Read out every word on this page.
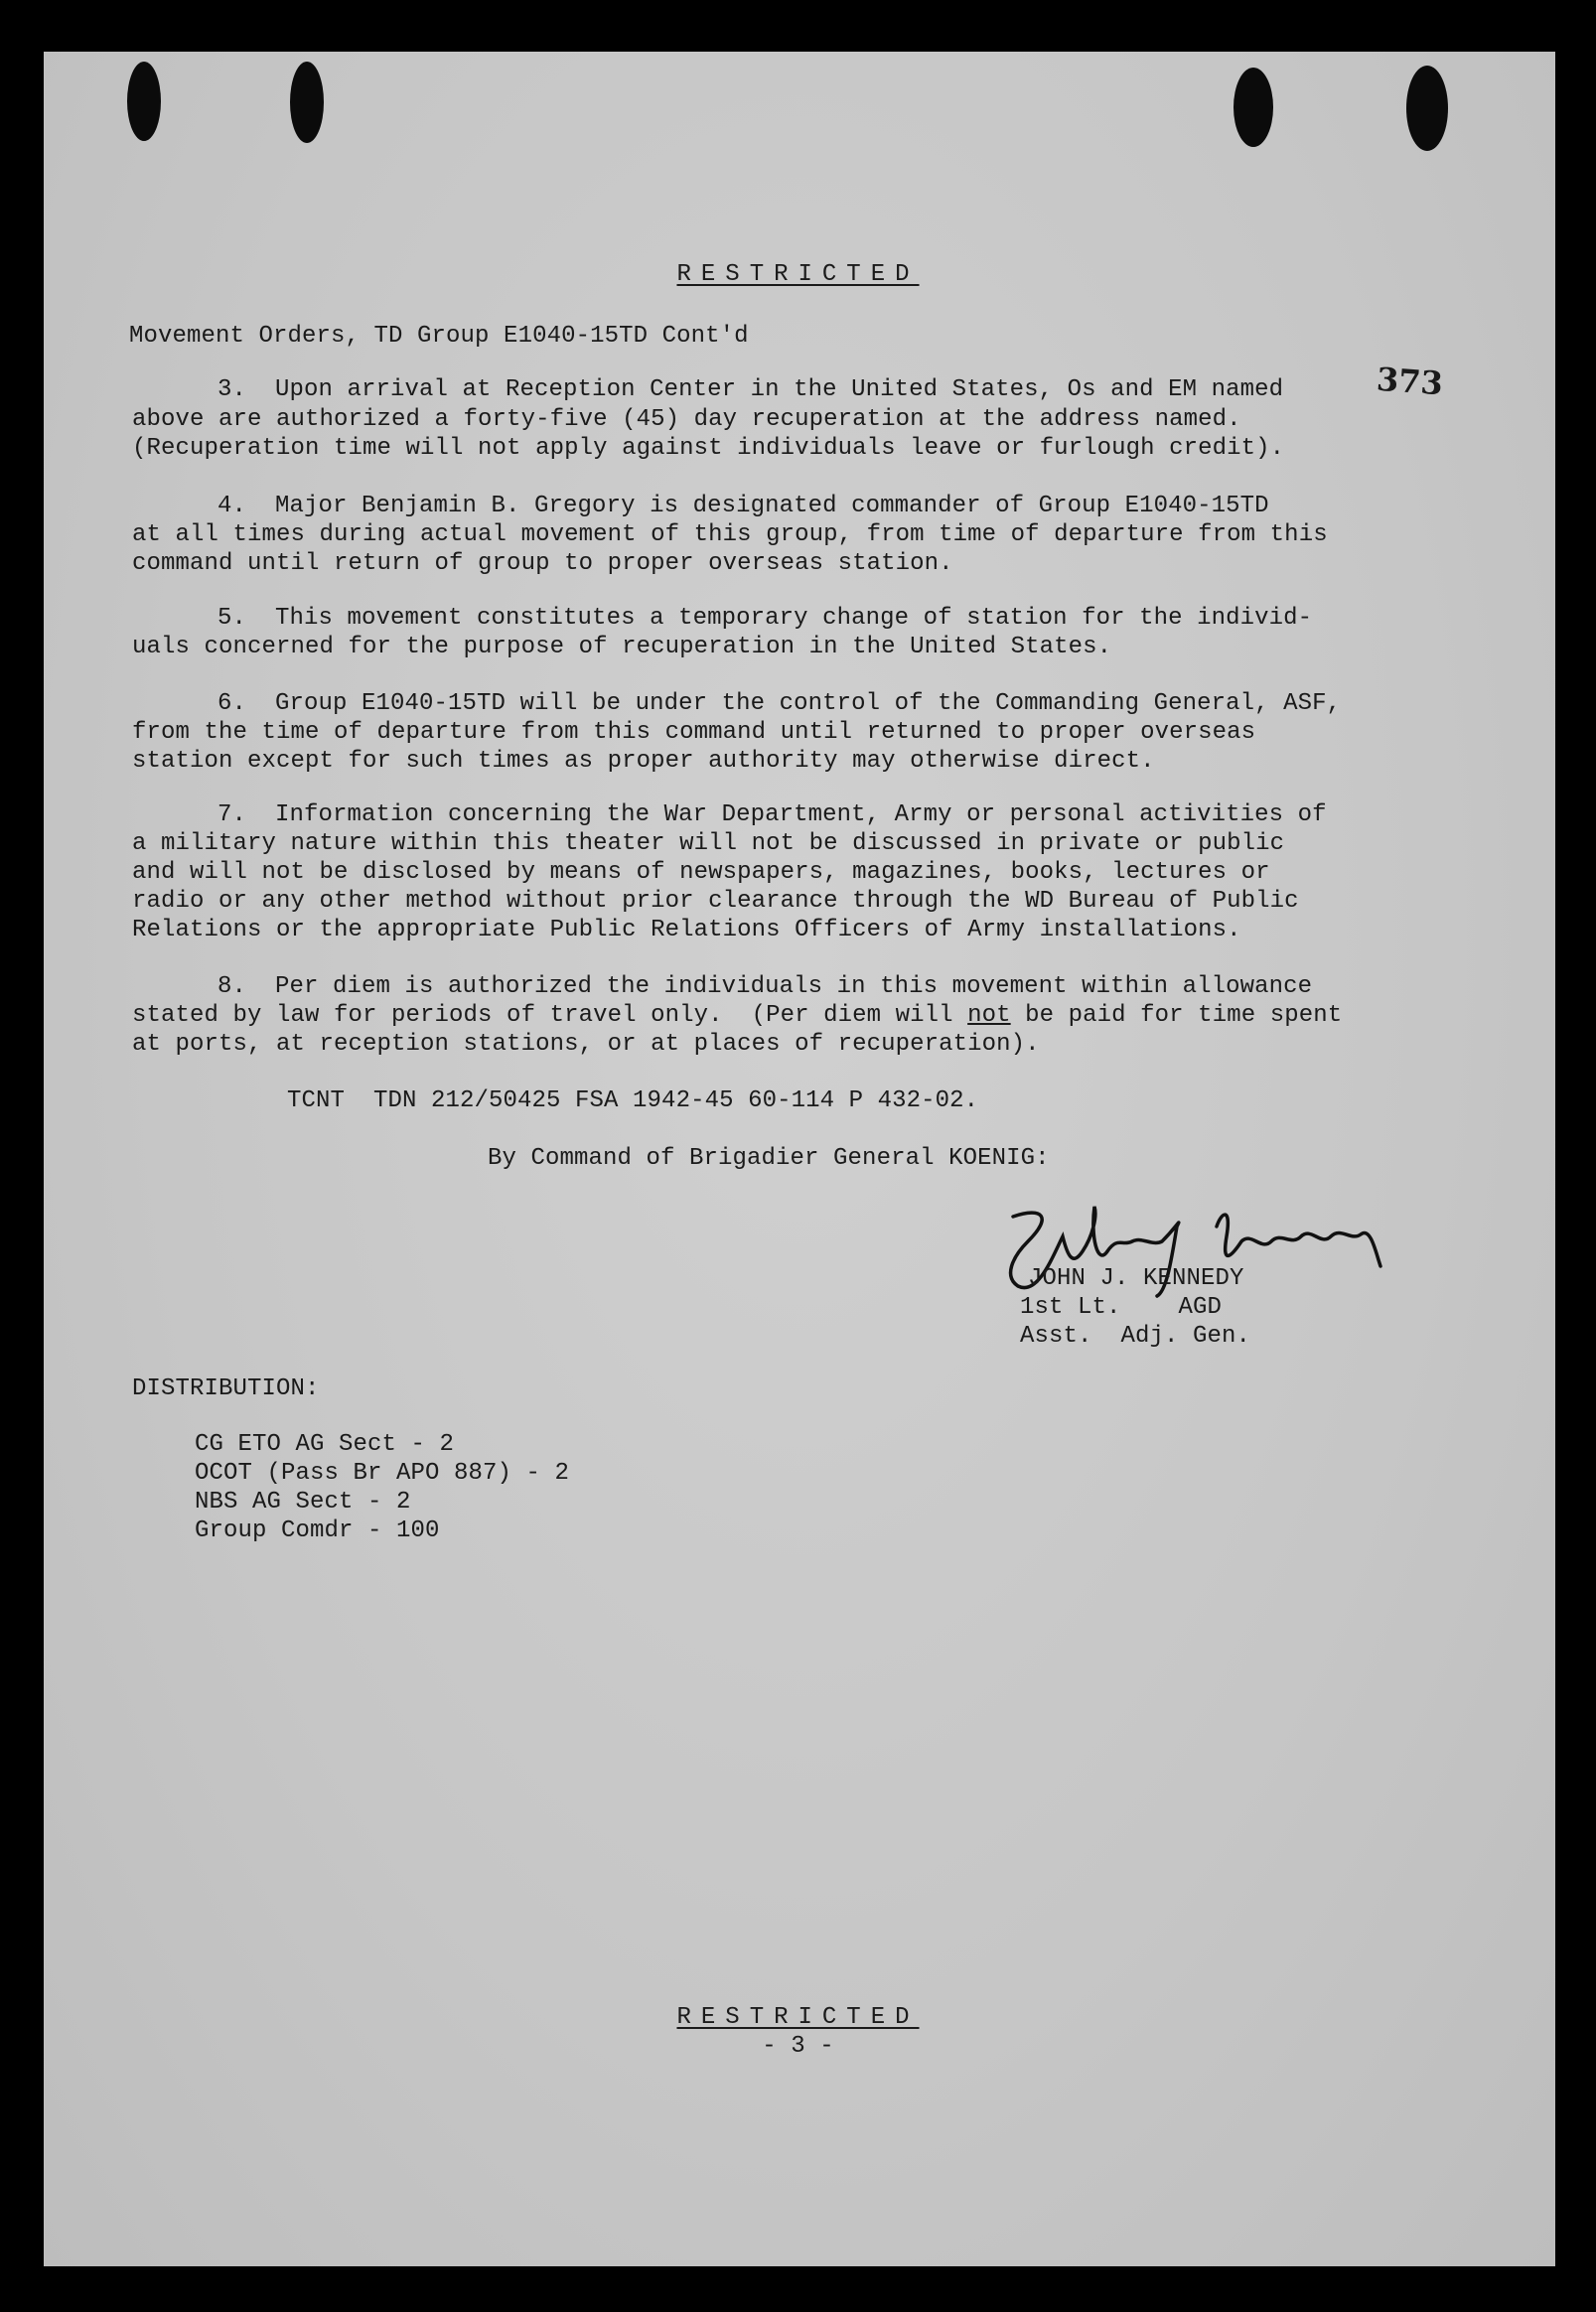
RESTRICTED
Movement Orders, TD Group E1040-15TD Cont'd
373
3.  Upon arrival at Reception Center in the United States, Os and EM named
above are authorized a forty-five (45) day recuperation at the address named.
(Recuperation time will not apply against individuals leave or furlough credit).
4.  Major Benjamin B. Gregory is designated commander of Group E1040-15TD
at all times during actual movement of this group, from time of departure from this
command until return of group to proper overseas station.
5.  This movement constitutes a temporary change of station for the individ-
uals concerned for the purpose of recuperation in the United States.
6.  Group E1040-15TD will be under the control of the Commanding General, ASF,
from the time of departure from this command until returned to proper overseas
station except for such times as proper authority may otherwise direct.
7.  Information concerning the War Department, Army or personal activities of
a military nature within this theater will not be discussed in private or public
and will not be disclosed by means of newspapers, magazines, books, lectures or
radio or any other method without prior clearance through the WD Bureau of Public
Relations or the appropriate Public Relations Officers of Army installations.
8.  Per diem is authorized the individuals in this movement within allowance
stated by law for periods of travel only.  (Per diem will not be paid for time spent
at ports, at reception stations, or at places of recuperation).
TCNT  TDN 212/50425 FSA 1942-45 60-114 P 432-02.
By Command of Brigadier General KOENIG:
JOHN J. KENNEDY
1st Lt.    AGD
Asst.  Adj. Gen.
DISTRIBUTION:
CG ETO AG Sect - 2
OCOT (Pass Br APO 887) - 2
NBS AG Sect - 2
Group Comdr - 100
RESTRICTED
- 3 -
